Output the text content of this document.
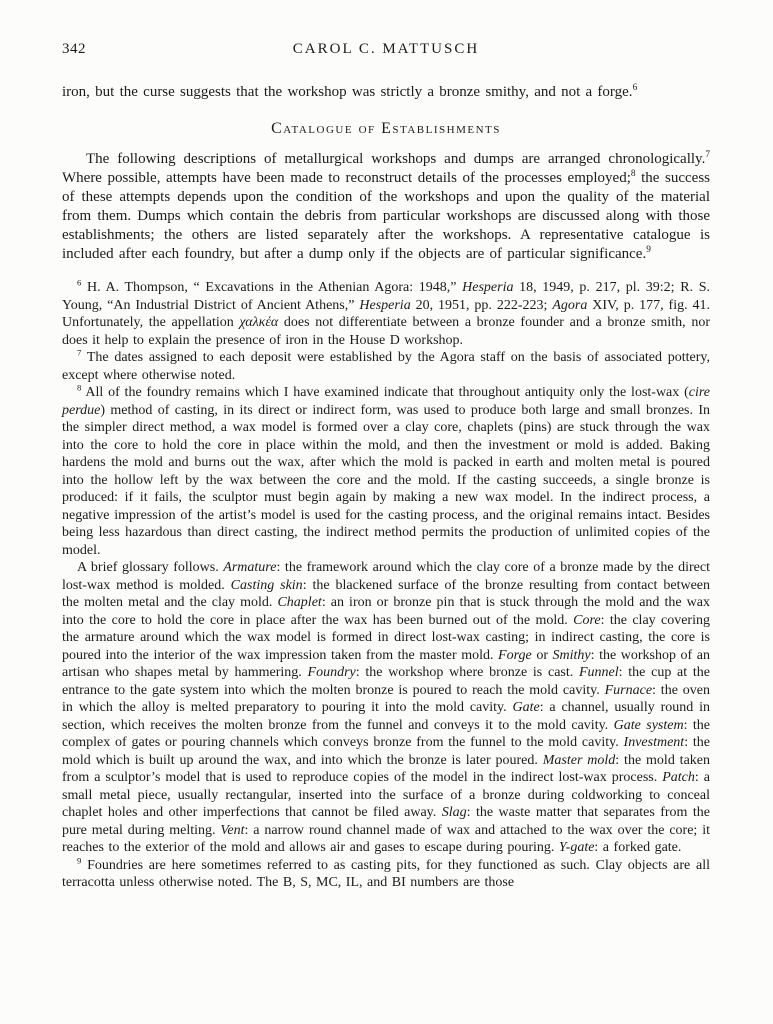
342	CAROL C. MATTUSCH

iron, but the curse suggests that the workshop was strictly a bronze smithy, and not a forge.$^6$

Catalogue of Establishments

The following descriptions of metallurgical workshops and dumps are arranged chronologically.$^7$ Where possible, attempts have been made to reconstruct details of the processes employed;$^8$ the success of these attempts depends upon the condition of the workshops and upon the quality of the material from them. Dumps which contain the debris from particular workshops are discussed along with those establishments; the others are listed separately after the workshops. A representative catalogue is included after each foundry, but after a dump only if the objects are of particular significance.$^9$

$^6$ H. A. Thompson, “ Excavations in the Athenian Agora: 1948,” Hesperia 18, 1949, p. 217, pl. 39:2; R. S. Young, “An Industrial District of Ancient Athens,” Hesperia 20, 1951, pp. 222-223; Agora XIV, p. 177, fig. 41. Unfortunately, the appellation χαλκέα does not differentiate between a bronze founder and a bronze smith, nor does it help to explain the presence of iron in the House D workshop.

$^7$ The dates assigned to each deposit were established by the Agora staff on the basis of associated pottery, except where otherwise noted.

$^8$ All of the foundry remains which I have examined indicate that throughout antiquity only the lost-wax (cire perdue) method of casting, in its direct or indirect form, was used to produce both large and small bronzes. In the simpler direct method, a wax model is formed over a clay core, chaplets (pins) are stuck through the wax into the core to hold the core in place within the mold, and then the investment or mold is added. Baking hardens the mold and burns out the wax, after which the mold is packed in earth and molten metal is poured into the hollow left by the wax between the core and the mold. If the casting succeeds, a single bronze is produced: if it fails, the sculptor must begin again by making a new wax model. In the indirect process, a negative impression of the artist’s model is used for the casting process, and the original remains intact. Besides being less hazardous than direct casting, the indirect method permits the production of unlimited copies of the model.

A brief glossary follows. Armature: the framework around which the clay core of a bronze made by the direct lost-wax method is molded. Casting skin: the blackened surface of the bronze resulting from contact between the molten metal and the clay mold. Chaplet: an iron or bronze pin that is stuck through the mold and the wax into the core to hold the core in place after the wax has been burned out of the mold. Core: the clay covering the armature around which the wax model is formed in direct lost-wax casting; in indirect casting, the core is poured into the interior of the wax impression taken from the master mold. Forge or Smithy: the workshop of an artisan who shapes metal by hammering. Foundry: the workshop where bronze is cast. Funnel: the cup at the entrance to the gate system into which the molten bronze is poured to reach the mold cavity. Furnace: the oven in which the alloy is melted preparatory to pouring it into the mold cavity. Gate: a channel, usually round in section, which receives the molten bronze from the funnel and conveys it to the mold cavity. Gate system: the complex of gates or pouring channels which conveys bronze from the funnel to the mold cavity. Investment: the mold which is built up around the wax, and into which the bronze is later poured. Master mold: the mold taken from a sculptor’s model that is used to reproduce copies of the model in the indirect lost-wax process. Patch: a small metal piece, usually rectangular, inserted into the surface of a bronze during coldworking to conceal chaplet holes and other imperfections that cannot be filed away. Slag: the waste matter that separates from the pure metal during melting. Vent: a narrow round channel made of wax and attached to the wax over the core; it reaches to the exterior of the mold and allows air and gases to escape during pouring. Y-gate: a forked gate.

$^9$ Foundries are here sometimes referred to as casting pits, for they functioned as such. Clay objects are all terracotta unless otherwise noted. The B, S, MC, IL, and BI numbers are those
